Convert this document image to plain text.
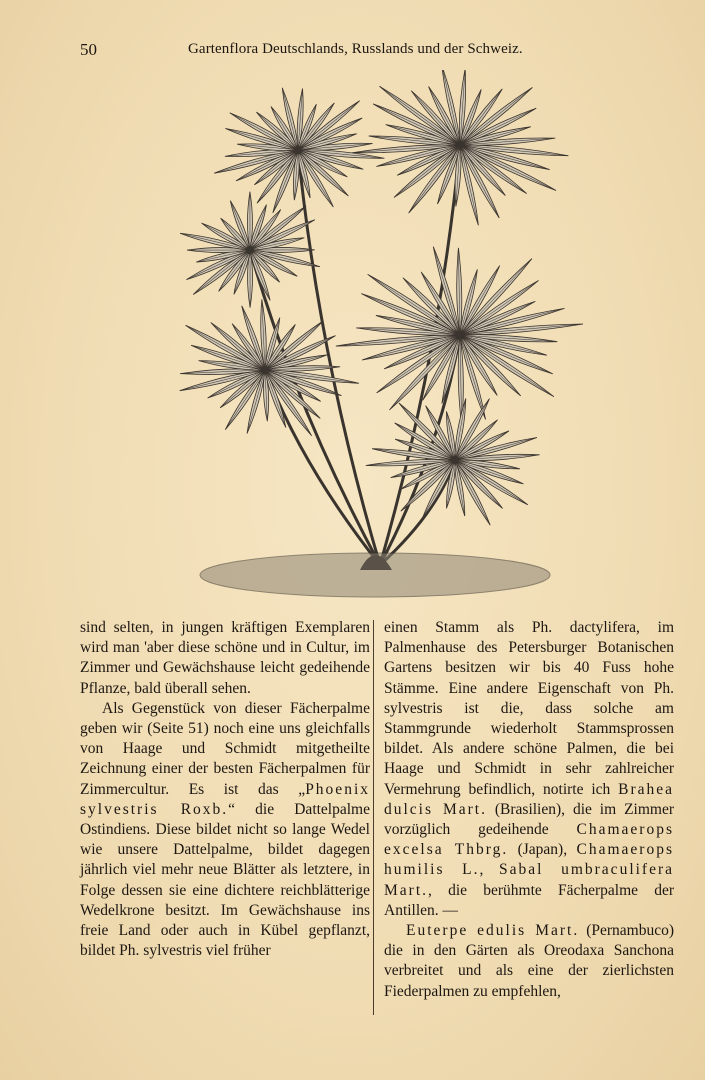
50	Gartenflora Deutschlands, Russlands und der Schweiz.

sind selten, in jungen kräftigen Exemplaren wird man 'aber diese schöne und in Cultur, im Zimmer und Gewächshause leicht gedeihende Pflanze, bald überall sehen.

Als Gegenstück von dieser Fächerpalme geben wir (Seite 51) noch eine uns gleichfalls von Haage und Schmidt mitgetheilte Zeichnung einer der besten Fächerpalmen für Zimmercultur. Es ist das „Phoenix sylvestris Roxb.“ die Dattelpalme Ostindiens. Diese bildet nicht so lange Wedel wie unsere Dattelpalme, bildet dagegen jährlich viel mehr neue Blätter als letztere, in Folge dessen sie eine dichtere reichblätterige Wedelkrone besitzt. Im Gewächshause ins freie Land oder auch in Kübel gepflanzt, bildet Ph. sylvestris viel früher

einen Stamm als Ph. dactylifera, im Palmenhause des Petersburger Botanischen Gartens besitzen wir bis 40 Fuss hohe Stämme. Eine andere Eigenschaft von Ph. sylvestris ist die, dass solche am Stammgrunde wiederholt Stammsprossen bildet. Als andere schöne Palmen, die bei Haage und Schmidt in sehr zahlreicher Vermehrung befindlich, notirte ich Brahea dulcis Mart. (Brasilien), die im Zimmer vorzüglich gedeihende Chamaerops excelsa Thbrg. (Japan), Chamaerops humilis L., Sabal umbraculifera Mart., die berühmte Fächerpalme der Antillen. —

Euterpe edulis Mart. (Pernambuco) die in den Gärten als Oreodaxa Sanchona verbreitet und als eine der zierlichsten Fiederpalmen zu empfehlen,
